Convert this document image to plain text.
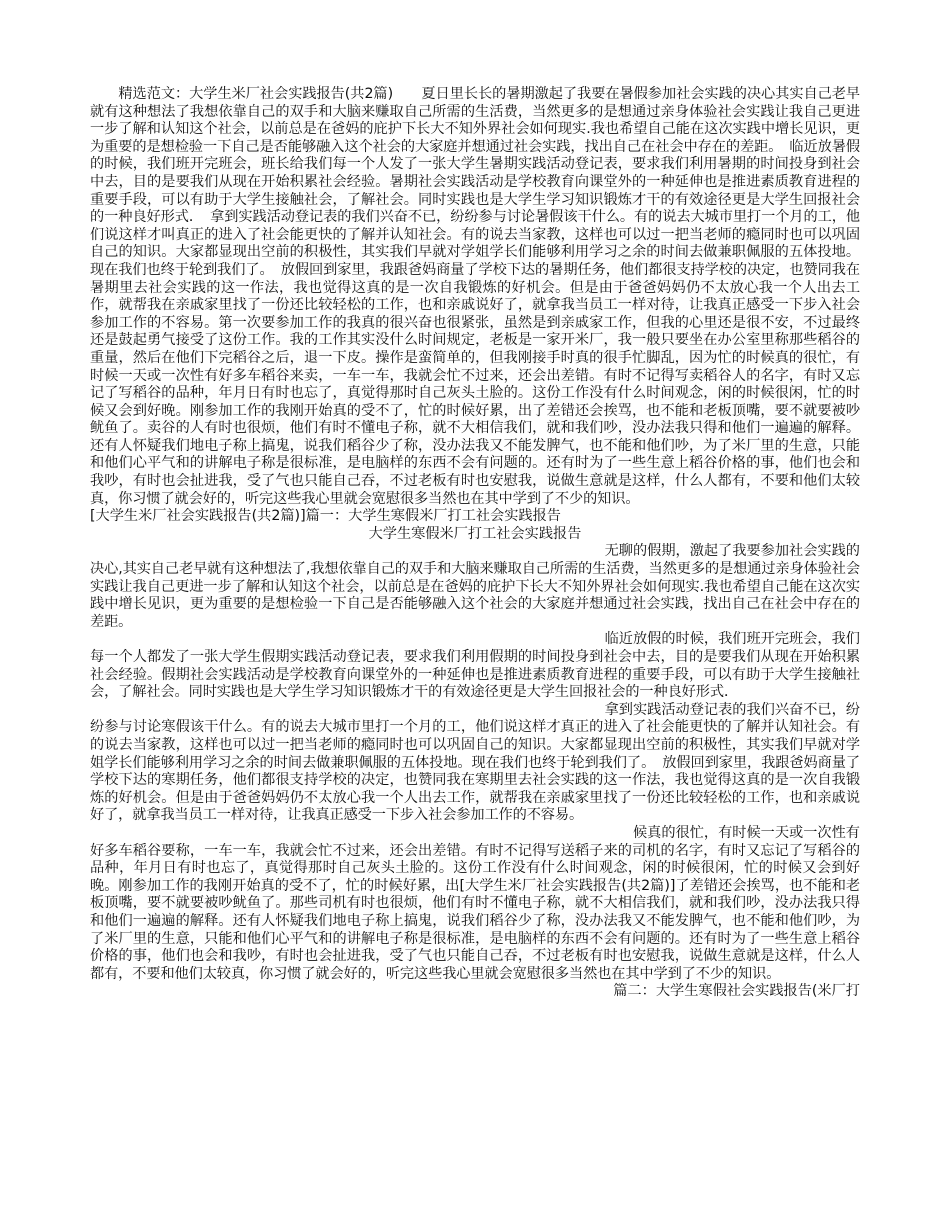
精选范文：大学生米厂社会实践报告(共2篇)　　 夏日里长长的暑期激起了我要在暑假参加社会实践的决心其实自己老早就有这种想法了我想依靠自己的双手和大脑来赚取自己所需的生活费，当然更多的是想通过亲身体验社会实践让我自己更进一步了解和认知这个社会，以前总是在爸妈的庇护下长大不知外界社会如何现实.我也希望自己能在这次实践中增长见识，更为重要的是想检验一下自己是否能够融入这个社会的大家庭并想通过社会实践，找出自己在社会中存在的差距。　临近放暑假的时候，我们班开完班会，班长给我们每一个人发了一张大学生暑期实践活动登记表，要求我们利用暑期的时间投身到社会中去，目的是要我们从现在开始积累社会经验。暑期社会实践活动是学校教育向课堂外的一种延伸也是推进素质教育进程的重要手段，可以有助于大学生接触社会，了解社会。同时实践也是大学生学习知识锻炼才干的有效途径更是大学生回报社会的一种良好形式．　拿到实践活动登记表的我们兴奋不已，纷纷参与讨论暑假该干什么。有的说去大城市里打一个月的工，他们说这样才叫真正的进入了社会能更快的了解并认知社会。有的说去当家教，这样也可以过一把当老师的瘾同时也可以巩固自己的知识。大家都显现出空前的积极性，其实我们早就对学姐学长们能够利用学习之余的时间去做兼职佩服的五体投地。现在我们也终于轮到我们了。　放假回到家里，我跟爸妈商量了学校下达的暑期任务，他们都很支持学校的决定，也赞同我在暑期里去社会实践的这一作法，我也觉得这真的是一次自我锻炼的好机会。但是由于爸爸妈妈仍不太放心我一个人出去工作，就帮我在亲戚家里找了一份还比较轻松的工作，也和亲戚说好了，就拿我当员工一样对待，让我真正感受一下步入社会参加工作的不容易。第一次要参加工作的我真的很兴奋也很紧张，虽然是到亲戚家工作，但我的心里还是很不安，不过最终还是鼓起勇气接受了这份工作。我的工作其实没什么时间规定，老板是一家开米厂，我一般只要坐在办公室里称那些稻谷的重量，然后在他们下完稻谷之后，退一下皮。操作是蛮简单的，但我刚接手时真的很手忙脚乱，因为忙的时候真的很忙，有时候一天或一次性有好多车稻谷来卖，一车一车，我就会忙不过来，还会出差错。有时不记得写卖稻谷人的名字，有时又忘记了写稻谷的品种，年月日有时也忘了，真觉得那时自己灰头土脸的。这份工作没有什么时间观念，闲的时候很闲，忙的时候又会到好晚。刚参加工作的我刚开始真的受不了，忙的时候好累，出了差错还会挨骂，也不能和老板顶嘴，要不就要被吵鱿鱼了。卖谷的人有时也很烦，他们有时不懂电子称，就不大相信我们，就和我们吵，没办法我只得和他们一遍遍的解释。还有人怀疑我们地电子称上搞鬼，说我们稻谷少了称，没办法我又不能发脾气，也不能和他们吵，为了米厂里的生意，只能和他们心平气和的讲解电子称是很标准，是电脑样的东西不会有问题的。还有时为了一些生意上稻谷价格的事，他们也会和我吵，有时也会扯进我，受了气也只能自己吞，不过老板有时也安慰我，说做生意就是这样，什么人都有，不要和他们太较真，你习惯了就会好的，听完这些我心里就会宽慰很多当然也在其中学到了不少的知识。

[大学生米厂社会实践报告(共2篇)]篇一：大学生寒假米厂打工社会实践报告

大学生寒假米厂打工社会实践报告

无聊的假期，激起了我要参加社会实践的

决心,其实自己老早就有这种想法了,我想依靠自己的双手和大脑来赚取自己所需的生活费，当然更多的是想通过亲身体验社会实践让我自己更进一步了解和认知这个社会，以前总是在爸妈的庇护下长大不知外界社会如何现实.我也希望自己能在这次实践中增长见识，更为重要的是想检验一下自己是否能够融入这个社会的大家庭并想通过社会实践，找出自己在社会中存在的差距。

临近放假的时候，我们班开完班会，我们

每一个人都发了一张大学生假期实践活动登记表，要求我们利用假期的时间投身到社会中去，目的是要我们从现在开始积累社会经验。假期社会实践活动是学校教育向课堂外的一种延伸也是推进素质教育进程的重要手段，可以有助于大学生接触社会，了解社会。同时实践也是大学生学习知识锻炼才干的有效途径更是大学生回报社会的一种良好形式．

拿到实践活动登记表的我们兴奋不已，纷

纷参与讨论寒假该干什么。有的说去大城市里打一个月的工，他们说这样才真正的进入了社会能更快的了解并认知社会。有的说去当家教，这样也可以过一把当老师的瘾同时也可以巩固自己的知识。大家都显现出空前的积极性，其实我们早就对学姐学长们能够利用学习之余的时间去做兼职佩服的五体投地。现在我们也终于轮到我们了。　放假回到家里，我跟爸妈商量了学校下达的寒期任务，他们都很支持学校的决定，也赞同我在寒期里去社会实践的这一作法，我也觉得这真的是一次自我锻炼的好机会。但是由于爸爸妈妈仍不太放心我一个人出去工作，就帮我在亲戚家里找了一份还比较轻松的工作，也和亲戚说好了，就拿我当员工一样对待，让我真正感受一下步入社会参加工作的不容易。

候真的很忙，有时候一天或一次性有

好多车稻谷要称，一车一车，我就会忙不过来，还会出差错。有时不记得写送稻子来的司机的名字，有时又忘记了写稻谷的品种，年月日有时也忘了，真觉得那时自己灰头土脸的。这份工作没有什么时间观念，闲的时候很闲，忙的时候又会到好晚。刚参加工作的我刚开始真的受不了，忙的时候好累，出[大学生米厂社会实践报告(共2篇)]了差错还会挨骂，也不能和老板顶嘴，要不就要被吵鱿鱼了。那些司机有时也很烦，他们有时不懂电子称，就不大相信我们，就和我们吵，没办法我只得和他们一遍遍的解释。还有人怀疑我们地电子称上搞鬼，说我们稻谷少了称，没办法我又不能发脾气，也不能和他们吵，为了米厂里的生意，只能和他们心平气和的讲解电子称是很标准，是电脑样的东西不会有问题的。还有时为了一些生意上稻谷价格的事，他们也会和我吵，有时也会扯进我，受了气也只能自己吞，不过老板有时也安慰我，说做生意就是这样，什么人都有，不要和他们太较真，你习惯了就会好的，听完这些我心里就会宽慰很多当然也在其中学到了不少的知识。

篇二：大学生寒假社会实践报告(米厂打
